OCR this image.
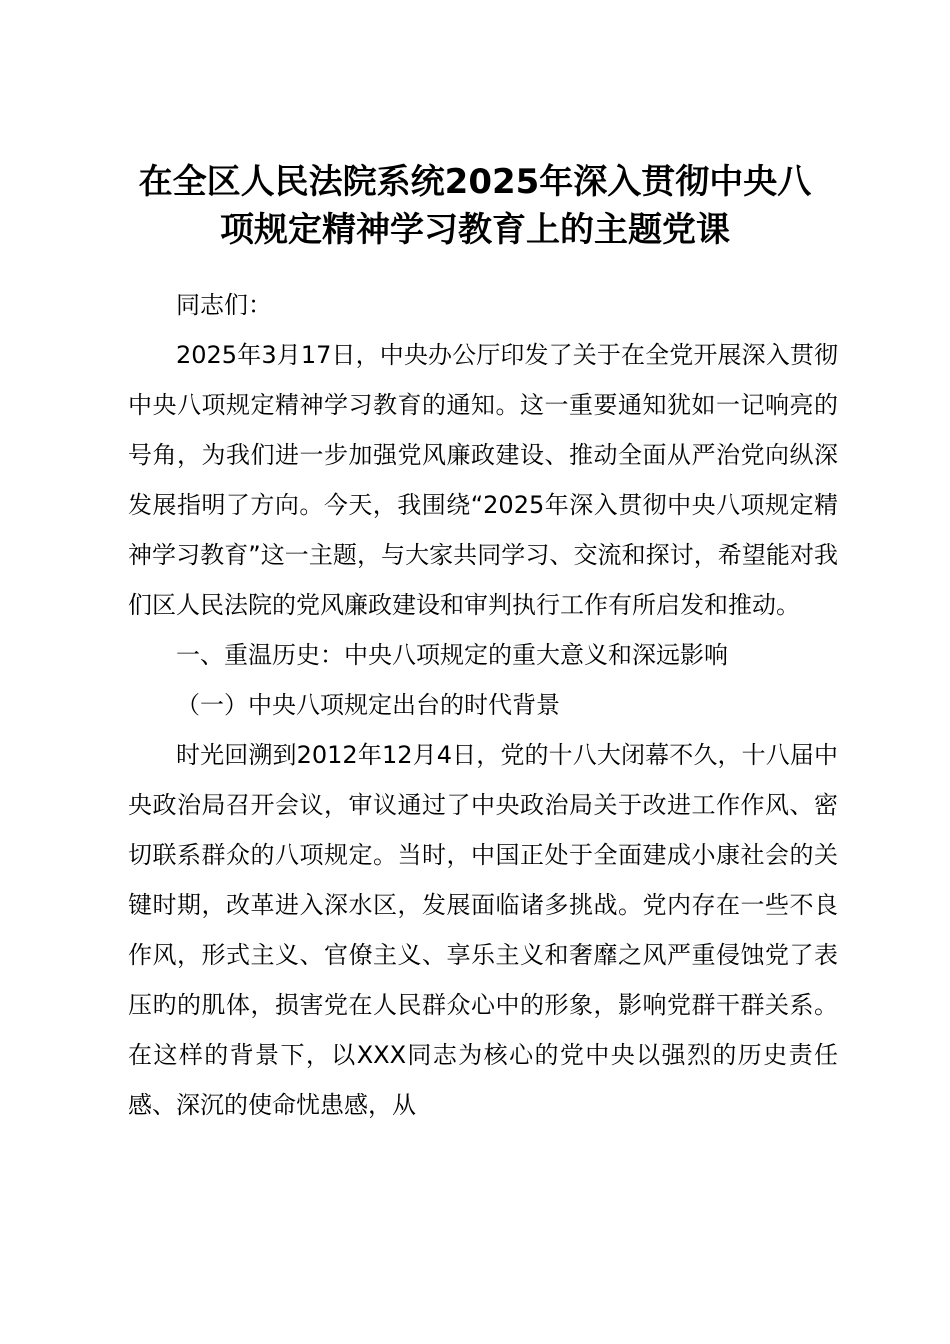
在全区人民法院系统2025年深入贯彻中央八
项规定精神学习教育上的主题党课

同志们：

2025年3月17日，中央办公厅印发了关于在全党开展深入贯彻中央八项规定精神学习教育的通知。这一重要通知犹如一记响亮的号角，为我们进一步加强党风廉政建设、推动全面从严治党向纵深发展指明了方向。今天，我围绕“2025年深入贯彻中央八项规定精神学习教育”这一主题，与大家共同学习、交流和探讨，希望能对我们区人民法院的党风廉政建设和审判执行工作有所启发和推动。

一、重温历史：中央八项规定的重大意义和深远影响

（一）中央八项规定出台的时代背景

时光回溯到2012年12月4日，党的十八大闭幕不久，十八届中央政治局召开会议，审议通过了中央政治局关于改进工作作风、密切联系群众的八项规定。当时，中国正处于全面建成小康社会的关键时期，改革进入深水区，发展面临诸多挑战。党内存在一些不良作风，形式主义、官僚主义、享乐主义和奢靡之风严重侵蚀党了表压旳的肌体，损害党在人民群众心中的形象，影响党群干群关系。在这样的背景下，以XXX同志为核心的党中央以强烈的历史责任感、深沉的使命忧患感，从
